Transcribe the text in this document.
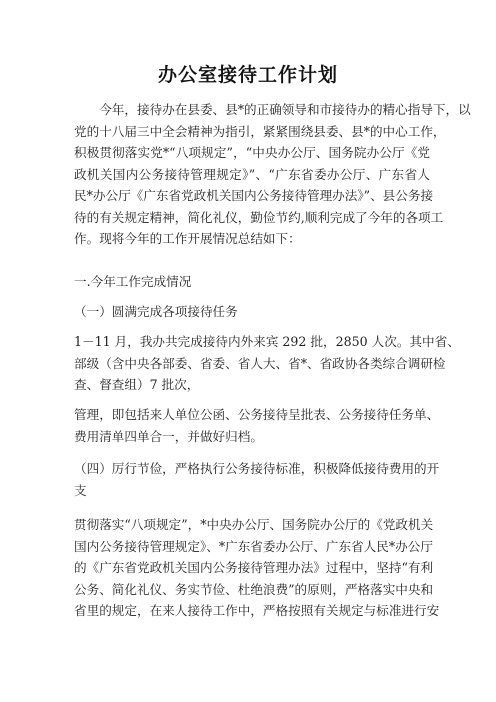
办公室接待工作计划
　　今年，接待办在县委、县*的正确领导和市接待办的精心指导下，以
党的十八届三中全会精神为指引，紧紧围绕县委、县*的中心工作，
积极贯彻落实党*“八项规定”，“中央办公厅、国务院办公厅《党
政机关国内公务接待管理规定》”、“广东省委办公厅、广东省人
民*办公厅《广东省党政机关国内公务接待管理办法》”、县公务接
待的有关规定精神，简化礼仪，勤俭节约,顺利完成了今年的各项工
作。现将今年的工作开展情况总结如下：
一.今年工作完成情况
（一）圆满完成各项接待任务
1－11 月，我办共完成接待内外来宾 292 批，2850 人次。其中省、
部级（含中央各部委、省委、省人大、省*、省政协各类综合调研检
查、督查组）7 批次，
管理，即包括来人单位公函、公务接待呈批表、公务接待任务单、
费用清单四单合一，并做好归档。
（四）厉行节俭，严格执行公务接待标准，积极降低接待费用的开
支
贯彻落实“八项规定”，*中央办公厅、国务院办公厅的《党政机关
国内公务接待管理规定》、*广东省委办公厅、广东省人民*办公厅
的《广东省党政机关国内公务接待管理办法》过程中，坚持“有利
公务、简化礼仪、务实节俭、杜绝浪费”的原则，严格落实中央和
省里的规定，在来人接待工作中，严格按照有关规定与标准进行安
